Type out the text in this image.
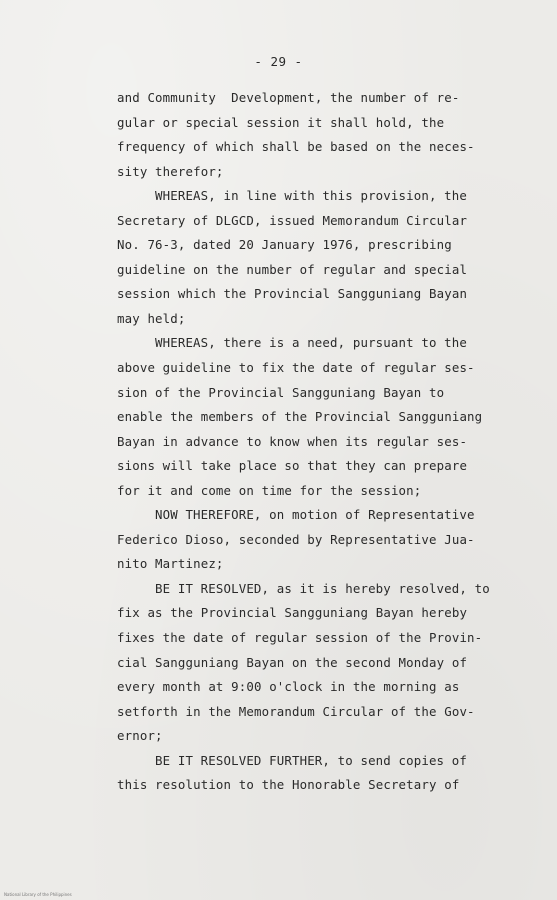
- 29 -
and Community  Development, the number of re-
gular or special session it shall hold, the
frequency of which shall be based on the neces-
sity therefor;
WHEREAS, in line with this provision, the
Secretary of DLGCD, issued Memorandum Circular
No. 76-3, dated 20 January 1976, prescribing
guideline on the number of regular and special
session which the Provincial Sangguniang Bayan
may held;
WHEREAS, there is a need, pursuant to the
above guideline to fix the date of regular ses-
sion of the Provincial Sangguniang Bayan to
enable the members of the Provincial Sangguniang
Bayan in advance to know when its regular ses-
sions will take place so that they can prepare
for it and come on time for the session;
NOW THEREFORE, on motion of Representative
Federico Dioso, seconded by Representative Jua-
nito Martinez;
BE IT RESOLVED, as it is hereby resolved, to
fix as the Provincial Sangguniang Bayan hereby
fixes the date of regular session of the Provin-
cial Sangguniang Bayan on the second Monday of
every month at 9:00 o'clock in the morning as
setforth in the Memorandum Circular of the Gov-
ernor;
BE IT RESOLVED FURTHER, to send copies of
this resolution to the Honorable Secretary of
National Library of the Philippines
